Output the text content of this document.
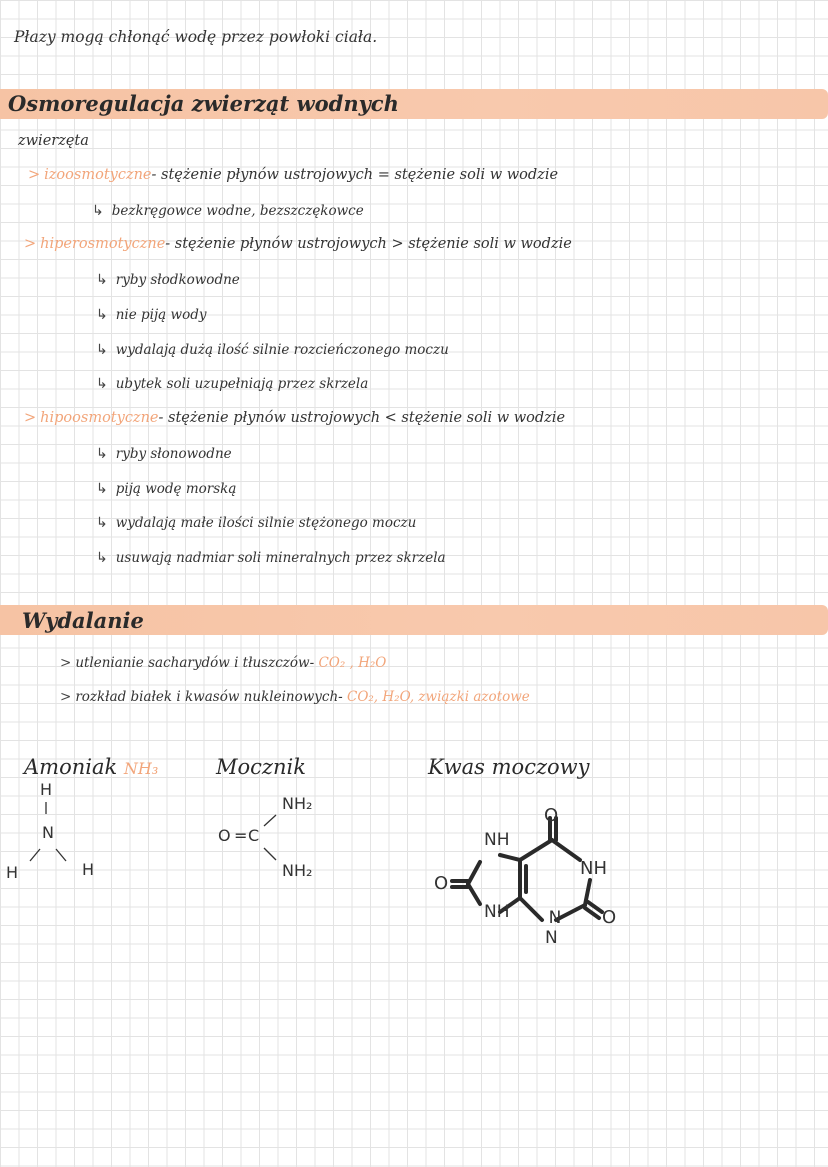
Płazy mogą chłonąć wodę przez powłoki ciała.
Osmoregulacja zwierząt wodnych
zwierzęta
> izoosmotyczne- stężenie płynów ustrojowych = stężenie soli w wodzie
↳ bezkręgowce wodne, bezszczękowce
> hiperosmotyczne- stężenie płynów ustrojowych > stężenie soli w wodzie
↳ ryby słodkowodne
↳ nie piją wody
↳ wydalają dużą ilość silnie rozcieńczonego moczu
↳ ubytek soli uzupełniają przez skrzela
> hipoosmotyczne- stężenie płynów ustrojowych < stężenie soli w wodzie
↳ ryby słonowodne
↳ piją wodę morską
↳ wydalają małe ilości silnie stężonego moczu
↳ usuwają nadmiar soli mineralnych przez skrzela
Wydalanie
> utlenianie sacharydów i tłuszczów- CO₂ , H₂O
> rozkład białek i kwasów nukleinowych- CO₂, H₂O, związki azotowe
Amoniak NH₃	Mocznik	Kwas moczowy
H
N
H	H
NH₂
O = C
NH₂
O
O
O
NH
NH
NH N
N
